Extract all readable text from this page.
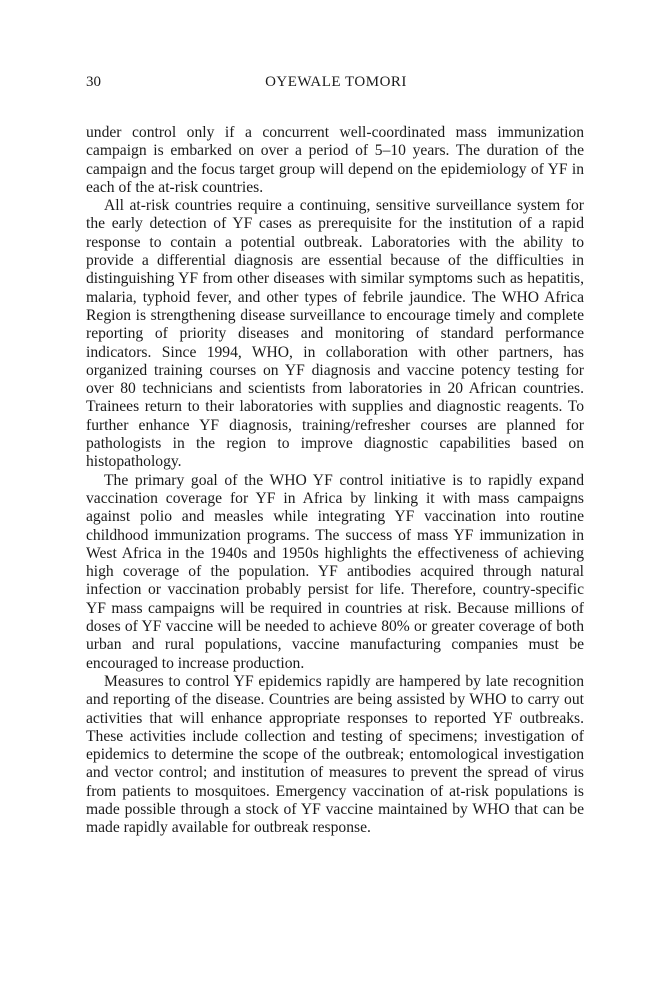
30	OYEWALE TOMORI

under control only if a concurrent well-coordinated mass immunization campaign is embarked on over a period of 5–10 years. The duration of the campaign and the focus target group will depend on the epidemiology of YF in each of the at-risk countries.

All at-risk countries require a continuing, sensitive surveillance system for the early detection of YF cases as prerequisite for the institution of a rapid response to contain a potential outbreak. Laboratories with the ability to provide a differential diagnosis are essential because of the difficulties in distinguishing YF from other diseases with similar symptoms such as hepatitis, malaria, typhoid fever, and other types of febrile jaundice. The WHO Africa Region is strengthening disease surveillance to encourage timely and complete reporting of priority diseases and monitoring of standard performance indicators. Since 1994, WHO, in collaboration with other partners, has organized training courses on YF diagnosis and vaccine potency testing for over 80 technicians and scientists from laboratories in 20 African countries. Trainees return to their laboratories with supplies and diagnostic reagents. To further enhance YF diagnosis, training/refresher courses are planned for pathologists in the region to improve diagnostic capabilities based on histopathology.

The primary goal of the WHO YF control initiative is to rapidly expand vaccination coverage for YF in Africa by linking it with mass campaigns against polio and measles while integrating YF vaccination into routine childhood immunization programs. The success of mass YF immunization in West Africa in the 1940s and 1950s highlights the effectiveness of achieving high coverage of the population. YF antibodies acquired through natural infection or vaccination probably persist for life. Therefore, country-specific YF mass campaigns will be required in countries at risk. Because millions of doses of YF vaccine will be needed to achieve 80% or greater coverage of both urban and rural populations, vaccine manufacturing companies must be encouraged to increase production.

Measures to control YF epidemics rapidly are hampered by late recognition and reporting of the disease. Countries are being assisted by WHO to carry out activities that will enhance appropriate responses to reported YF outbreaks. These activities include collection and testing of specimens; investigation of epidemics to determine the scope of the outbreak; entomological investigation and vector control; and institution of measures to prevent the spread of virus from patients to mosquitoes. Emergency vaccination of at-risk populations is made possible through a stock of YF vaccine maintained by WHO that can be made rapidly available for outbreak response.
